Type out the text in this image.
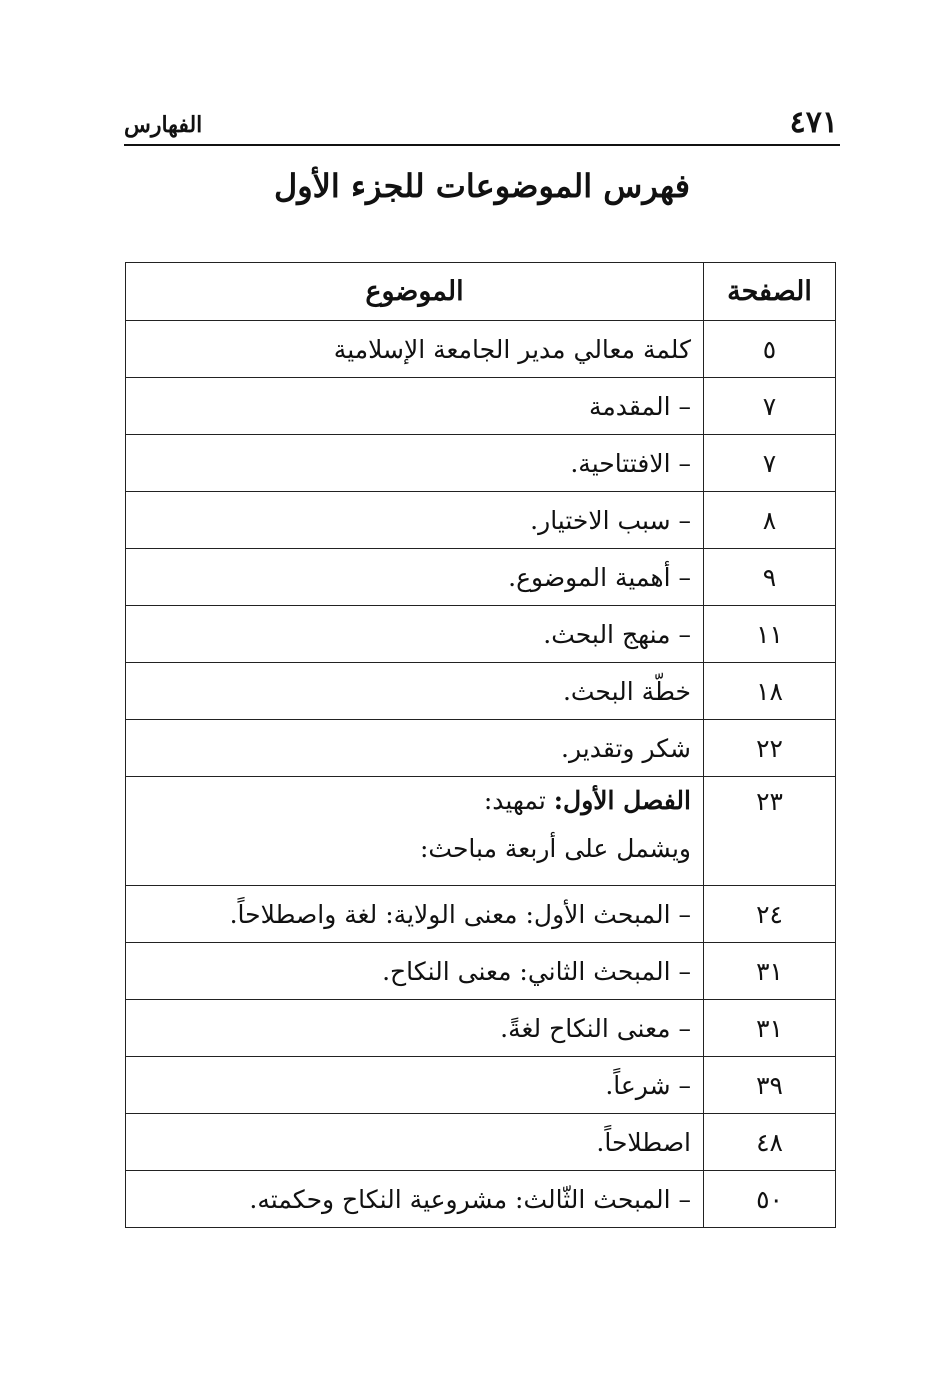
٤٧١
الفهارس
فهرس الموضوعات للجزء الأول
الصفحة	الموضوع
٥	كلمة معالي مدير الجامعة الإسلامية
٧	– المقدمة
٧	– الافتتاحية.
٨	– سبب الاختيار.
٩	– أهمية الموضوع.
١١	– منهج البحث.
١٨	خطّة البحث.
٢٢	شكر وتقدير.
٢٣	الفصل الأول: تمهيد:
ويشمل على أربعة مباحث:

٢٤	– المبحث الأول: معنى الولاية: لغة واصطلاحاً.
٣١	– المبحث الثاني: معنى النكاح.
٣١	– معنى النكاح لغةً.
٣٩	– شرعاً.
٤٨	اصطلاحاً.
٥٠	– المبحث الثّالث: مشروعية النكاح وحكمته.
